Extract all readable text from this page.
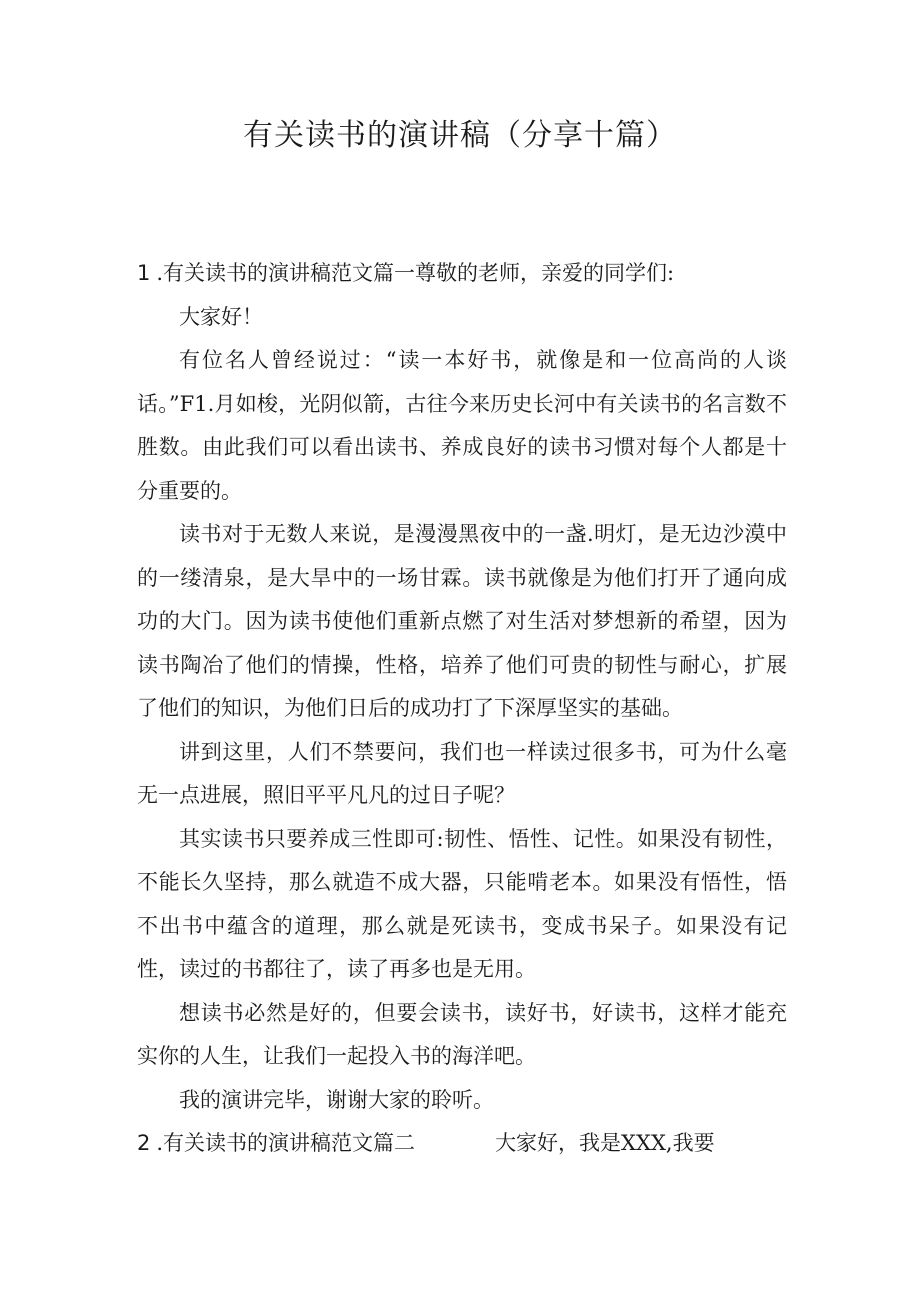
有关读书的演讲稿（分享十篇）

1 .有关读书的演讲稿范文篇一尊敬的老师，亲爱的同学们:

大家好！

有位名人曾经说过：“读一本好书，就像是和一位高尚的人谈话。”F1.月如梭，光阴似箭，古往今来历史长河中有关读书的名言数不胜数。由此我们可以看出读书、养成良好的读书习惯对每个人都是十分重要的。

读书对于无数人来说，是漫漫黑夜中的一盏.明灯，是无边沙漠中的一缕清泉，是大旱中的一场甘霖。读书就像是为他们打开了通向成功的大门。因为读书使他们重新点燃了对生活对梦想新的希望，因为读书陶冶了他们的情操，性格，培养了他们可贵的韧性与耐心，扩展了他们的知识，为他们日后的成功打了下深厚坚实的基础。

讲到这里，人们不禁要问，我们也一样读过很多书，可为什么毫无一点进展，照旧平平凡凡的过日子呢？

其实读书只要养成三性即可:韧性、悟性、记性。如果没有韧性，不能长久坚持，那么就造不成大器，只能啃老本。如果没有悟性，悟不出书中蕴含的道理，那么就是死读书，变成书呆子。如果没有记性，读过的书都往了，读了再多也是无用。

想读书必然是好的，但要会读书，读好书，好读书，这样才能充实你的人生，让我们一起投入书的海洋吧。

我的演讲完毕，谢谢大家的聆听。

2 .有关读书的演讲稿范文篇二	大家好，我是XXX,我要
